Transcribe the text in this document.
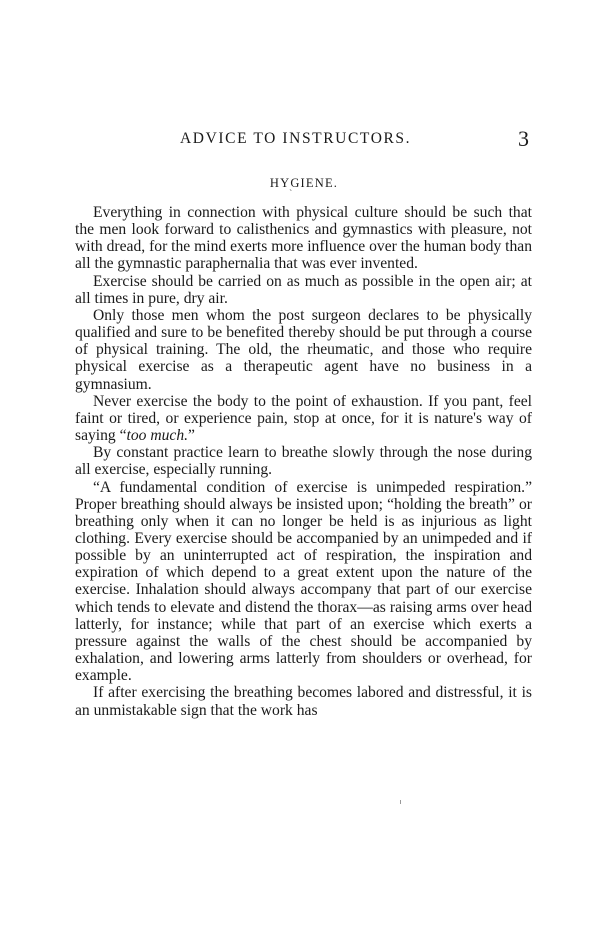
ADVICE TO INSTRUCTORS.	3
HYGIENE.
`

Everything in connection with physical culture should be such that the men look forward to calisthenics and gymnastics with pleasure, not with dread, for the mind exerts more influence over the human body than all the gymnastic paraphernalia that was ever invented.

Exercise should be carried on as much as possible in the open air; at all times in pure, dry air.

Only those men whom the post surgeon declares to be physically qualified and sure to be benefited thereby should be put through a course of physical training. The old, the rheumatic, and those who require physical exercise as a therapeutic agent have no business in a gymnasium.

Never exercise the body to the point of exhaustion. If you pant, feel faint or tired, or experience pain, stop at once, for it is nature's way of saying “too much.”

By constant practice learn to breathe slowly through the nose during all exercise, especially running.

“A fundamental condition of exercise is unimpeded respiration.” Proper breathing should always be insisted upon; “holding the breath” or breathing only when it can no longer be held is as injurious as light clothing. Every exercise should be accompanied by an unimpeded and if possible by an uninterrupted act of respiration, the inspiration and expiration of which depend to a great extent upon the nature of the exercise. Inhalation should always accompany that part of our exercise which tends to elevate and distend the thorax—as raising arms over head latterly, for instance; while that part of an exercise which exerts a pressure against the walls of the chest should be accompanied by exhalation, and lowering arms latterly from shoulders or overhead, for example.

If after exercising the breathing becomes labored and distressful, it is an unmistakable sign that the work has
